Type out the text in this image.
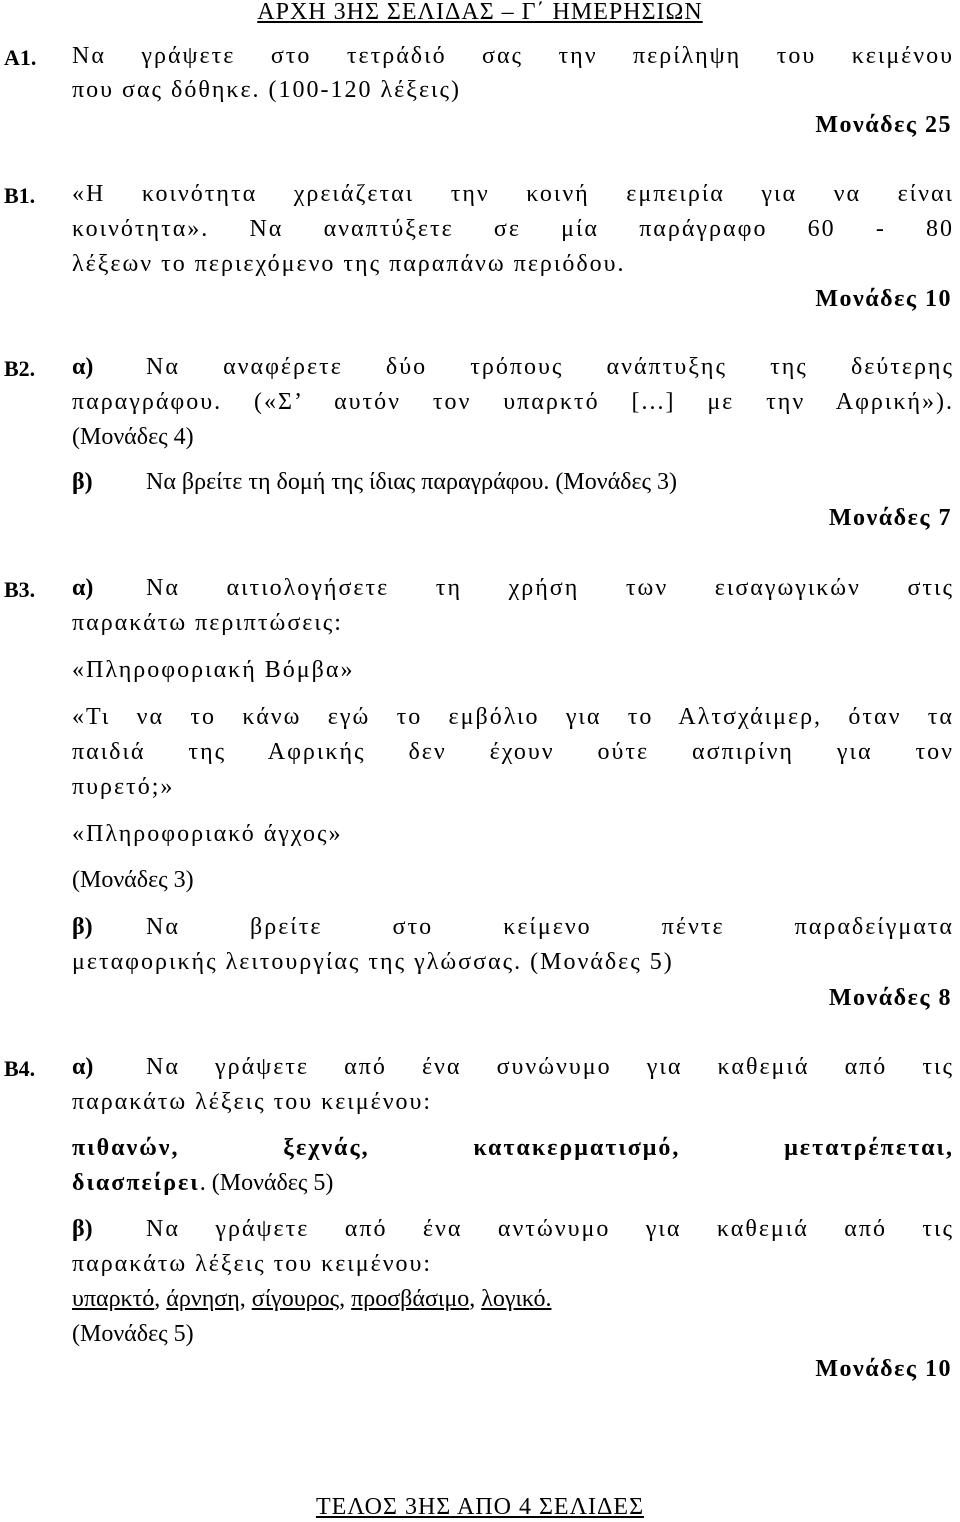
ΑΡΧΗ 3ΗΣ ΣΕΛΙΔΑΣ – Γ΄ ΗΜΕΡΗΣΙΩΝ
Α1. Να γράψετε στο τετράδιό σας την περίληψη του κειμένου
που σας δόθηκε. (100-120 λέξεις)
Μονάδες 25
Β1. «Η κοινότητα χρειάζεται την κοινή εμπειρία για να είναι
κοινότητα». Να αναπτύξετε σε μία παράγραφο 60 - 80
λέξεων το περιεχόμενο της παραπάνω περιόδου.
Μονάδες 10
Β2. α) Να αναφέρετε δύο τρόπους ανάπτυξης της δεύτερης
παραγράφου. («Σ’ αυτόν τον υπαρκτό [...] με την Αφρική»).
(Μονάδες 4)
β) Να βρείτε τη δομή της ίδιας παραγράφου. (Μονάδες 3)
Μονάδες 7
Β3. α) Να αιτιολογήσετε τη χρήση των εισαγωγικών στις
παρακάτω περιπτώσεις:
«Πληροφοριακή Βόμβα»
«Τι να το κάνω εγώ το εμβόλιο για το Αλτσχάιμερ, όταν τα
παιδιά της Αφρικής δεν έχουν ούτε ασπιρίνη για τον
πυρετό;»
«Πληροφοριακό άγχος»
(Μονάδες 3)
β) Να βρείτε στο κείμενο πέντε παραδείγματα
μεταφορικής λειτουργίας της γλώσσας. (Μονάδες 5)
Μονάδες 8
Β4. α) Να γράψετε από ένα συνώνυμο για καθεμιά από τις
παρακάτω λέξεις του κειμένου:
πιθανών,	ξεχνάς,	κατακερματισμό,	μετατρέπεται,
διασπείρει. (Μονάδες 5)
β) Να γράψετε από ένα αντώνυμο για καθεμιά από τις
παρακάτω λέξεις του κειμένου:
υπαρκτό, άρνηση, σίγουρος, προσβάσιμο, λογικό.
(Μονάδες 5)
Μονάδες 10
ΤΕΛΟΣ 3ΗΣ ΑΠΟ 4 ΣΕΛΙΔΕΣ
